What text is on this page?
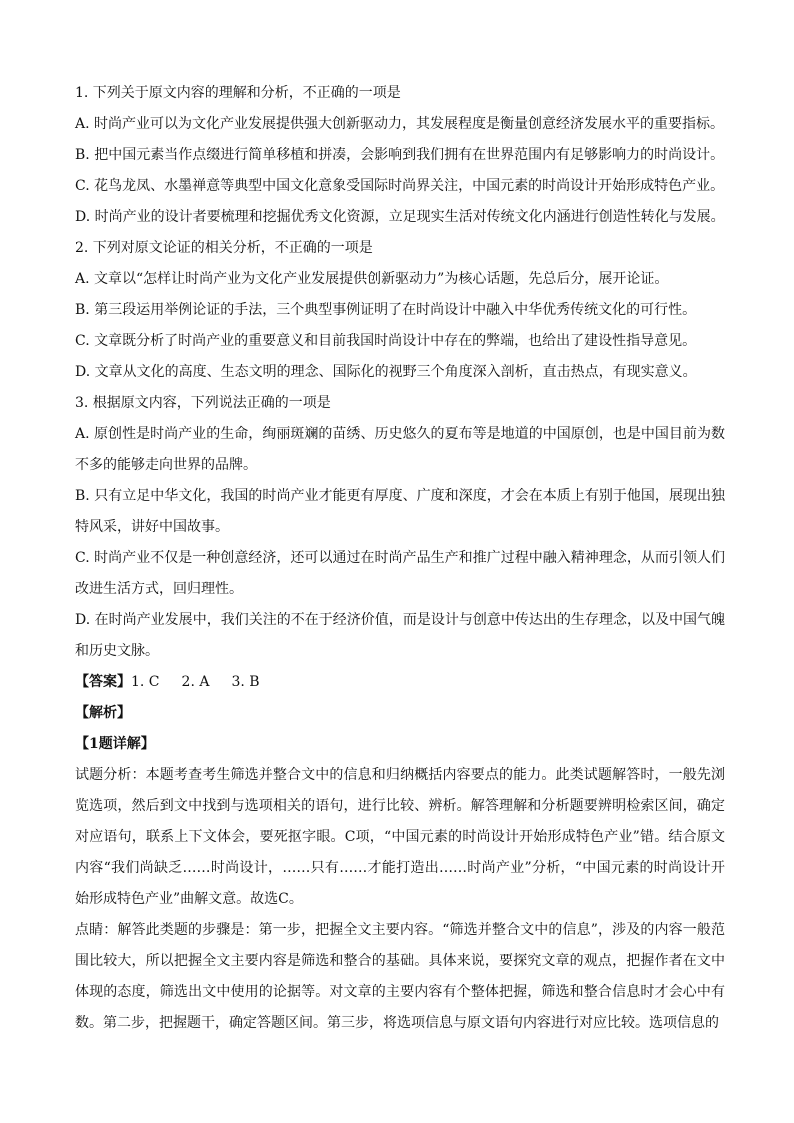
1. 下列关于原文内容的理解和分析，不正确的一项是
A. 时尚产业可以为文化产业发展提供强大创新驱动力，其发展程度是衡量创意经济发展水平的重要指标。
B. 把中国元素当作点缀进行简单移植和拼凑，会影响到我们拥有在世界范围内有足够影响力的时尚设计。
C. 花鸟龙凤、水墨禅意等典型中国文化意象受国际时尚界关注，中国元素的时尚设计开始形成特色产业。
D. 时尚产业的设计者要梳理和挖掘优秀文化资源，立足现实生活对传统文化内涵进行创造性转化与发展。
2. 下列对原文论证的相关分析，不正确的一项是
A. 文章以“怎样让时尚产业为文化产业发展提供创新驱动力”为核心话题，先总后分，展开论证。
B. 第三段运用举例论证的手法，三个典型事例证明了在时尚设计中融入中华优秀传统文化的可行性。
C. 文章既分析了时尚产业的重要意义和目前我国时尚设计中存在的弊端，也给出了建设性指导意见。
D. 文章从文化的高度、生态文明的理念、国际化的视野三个角度深入剖析，直击热点，有现实意义。
3. 根据原文内容，下列说法正确的一项是
A. 原创性是时尚产业的生命，绚丽斑斓的苗绣、历史悠久的夏布等是地道的中国原创，也是中国目前为数不多的能够走向世界的品牌。
B. 只有立足中华文化，我国的时尚产业才能更有厚度、广度和深度，才会在本质上有别于他国，展现出独特风采，讲好中国故事。
C. 时尚产业不仅是一种创意经济，还可以通过在时尚产品生产和推广过程中融入精神理念，从而引领人们改进生活方式，回归理性。
D. 在时尚产业发展中，我们关注的不在于经济价值，而是设计与创意中传达出的生存理念，以及中国气魄和历史文脉。
【答案】1. C 2. A 3. B
【解析】
【1题详解】
试题分析：本题考查考生筛选并整合文中的信息和归纳概括内容要点的能力。此类试题解答时，一般先浏览选项，然后到文中找到与选项相关的语句，进行比较、辨析。解答理解和分析题要辨明检索区间，确定对应语句，联系上下文体会，要死抠字眼。C项，“中国元素的时尚设计开始形成特色产业”错。结合原文内容“我们尚缺乏……时尚设计，……只有……才能打造出……时尚产业”分析，“中国元素的时尚设计开始形成特色产业”曲解文意。故选C。
点睛：解答此类题的步骤是：第一步，把握全文主要内容。“筛选并整合文中的信息”，涉及的内容一般范围比较大，所以把握全文主要内容是筛选和整合的基础。具体来说，要探究文章的观点，把握作者在文中体现的态度，筛选出文中使用的论据等。对文章的主要内容有个整体把握，筛选和整合信息时才会心中有数。第二步，把握题干，确定答题区间。第三步，将选项信息与原文语句内容进行对应比较。选项信息的
